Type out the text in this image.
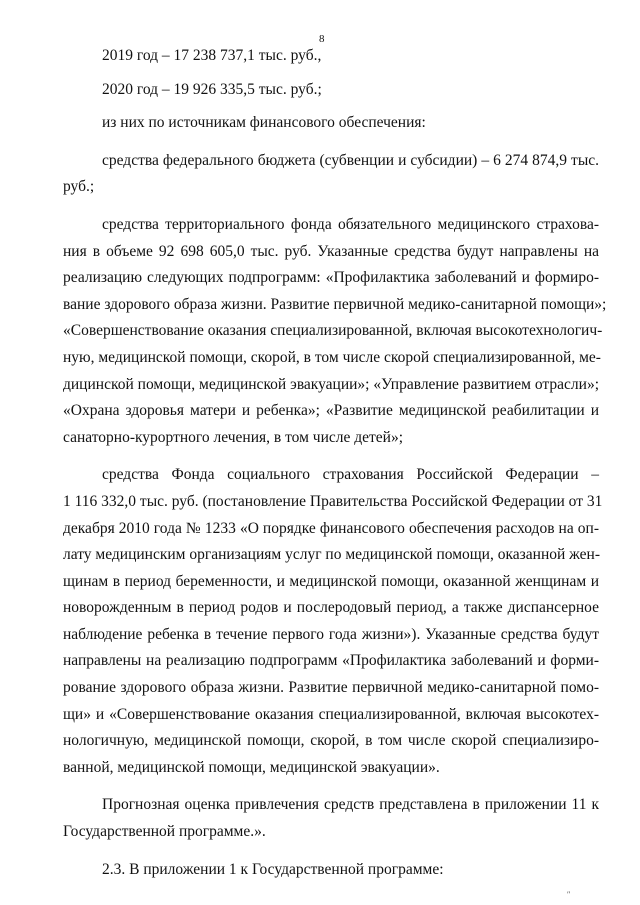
8
2019 год – 17 238 737,1 тыс. руб.,
2020 год – 19 926 335,5 тыс. руб.;
из них по источникам финансового обеспечения:
средства федерального бюджета (субвенции и субсидии) – 6 274 874,9 тыс.
руб.;
средства территориального фонда обязательного медицинского страхова-
ния в объеме 92 698 605,0 тыс. руб. Указанные средства будут направлены на
реализацию следующих подпрограмм: «Профилактика заболеваний и формиро-
вание здорового образа жизни. Развитие первичной медико-санитарной помощи»;
«Совершенствование оказания специализированной, включая высокотехнологич-
ную, медицинской помощи, скорой, в том числе скорой специализированной, ме-
дицинской помощи, медицинской эвакуации»; «Управление развитием отрасли»;
«Охрана здоровья матери и ребенка»; «Развитие медицинской реабилитации и
санаторно-курортного лечения, в том числе детей»;
средства Фонда социального страхования Российской Федерации –
1 116 332,0 тыс. руб. (постановление Правительства Российской Федерации от 31
декабря 2010 года № 1233 «О порядке финансового обеспечения расходов на оп-
лату медицинским организациям услуг по медицинской помощи, оказанной жен-
щинам в период беременности, и медицинской помощи, оказанной женщинам и
новорожденным в период родов и послеродовый период, а также диспансерное
наблюдение ребенка в течение первого года жизни»). Указанные средства будут
направлены на реализацию подпрограмм «Профилактика заболеваний и форми-
рование здорового образа жизни. Развитие первичной медико-санитарной помо-
щи» и «Совершенствование оказания специализированной, включая высокотех-
нологичную, медицинской помощи, скорой, в том числе скорой специализиро-
ванной, медицинской помощи, медицинской эвакуации».
Прогнозная оценка привлечения средств представлена в приложении 11 к
Государственной программе.».
2.3. В приложении 1 к Государственной программе:
ʺ
